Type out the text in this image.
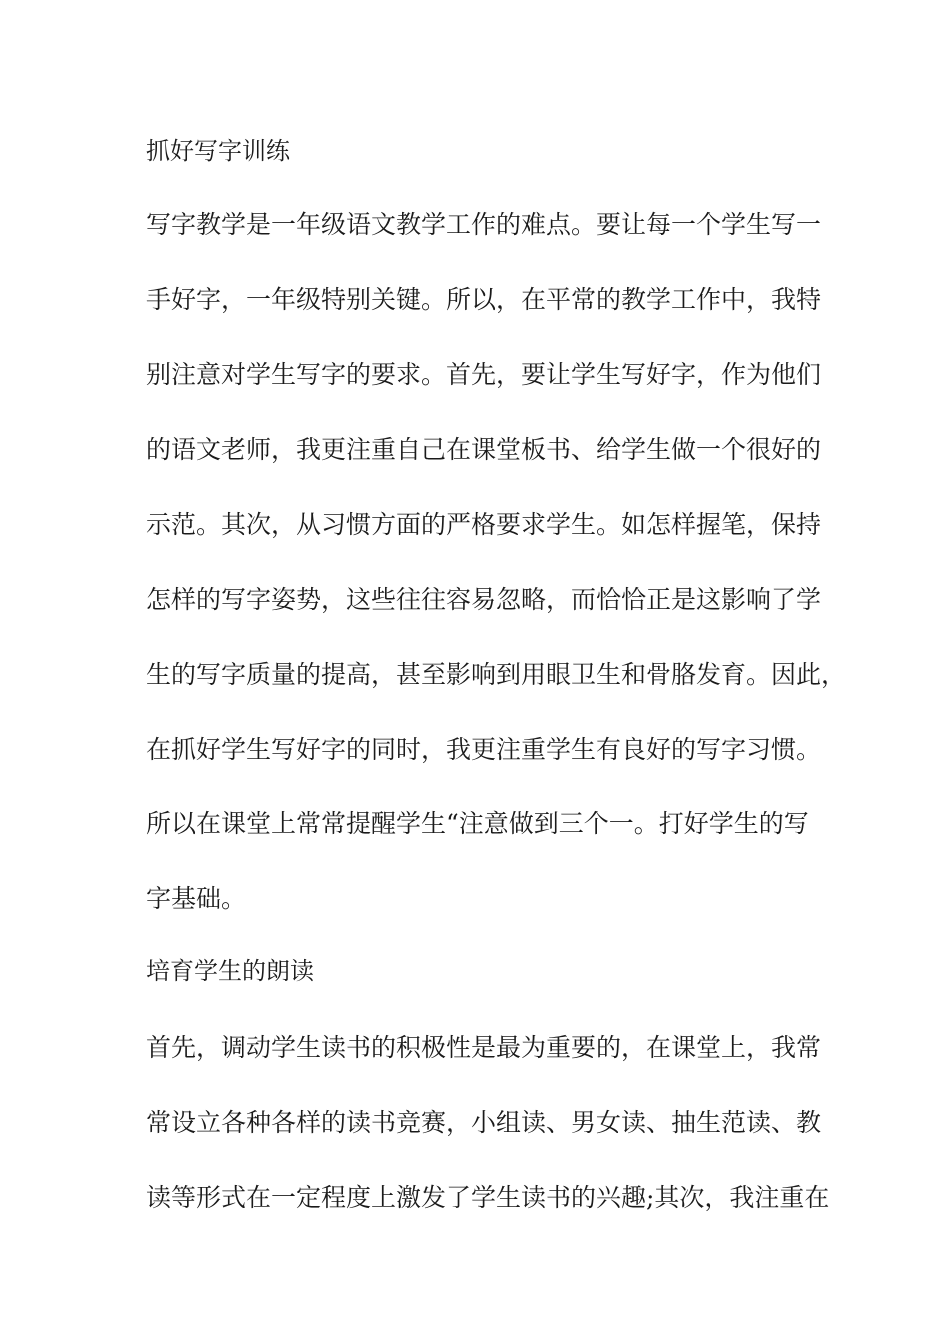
抓好写字训练

写字教学是一年级语文教学工作的难点。要让每一个学生写一

手好字，一年级特别关键。所以，在平常的教学工作中，我特

别注意对学生写字的要求。首先，要让学生写好字，作为他们

的语文老师，我更注重自己在课堂板书、给学生做一个很好的

示范。其次，从习惯方面的严格要求学生。如怎样握笔，保持

怎样的写字姿势，这些往往容易忽略，而恰恰正是这影响了学

生的写字质量的提高，甚至影响到用眼卫生和骨胳发育。因此，

在抓好学生写好字的同时，我更注重学生有良好的写字习惯。

所以在课堂上常常提醒学生“注意做到三个一。打好学生的写

字基础。

培育学生的朗读

首先，调动学生读书的积极性是最为重要的，在课堂上，我常

常设立各种各样的读书竞赛，小组读、男女读、抽生范读、教

读等形式在一定程度上激发了学生读书的兴趣;其次，我注重在
